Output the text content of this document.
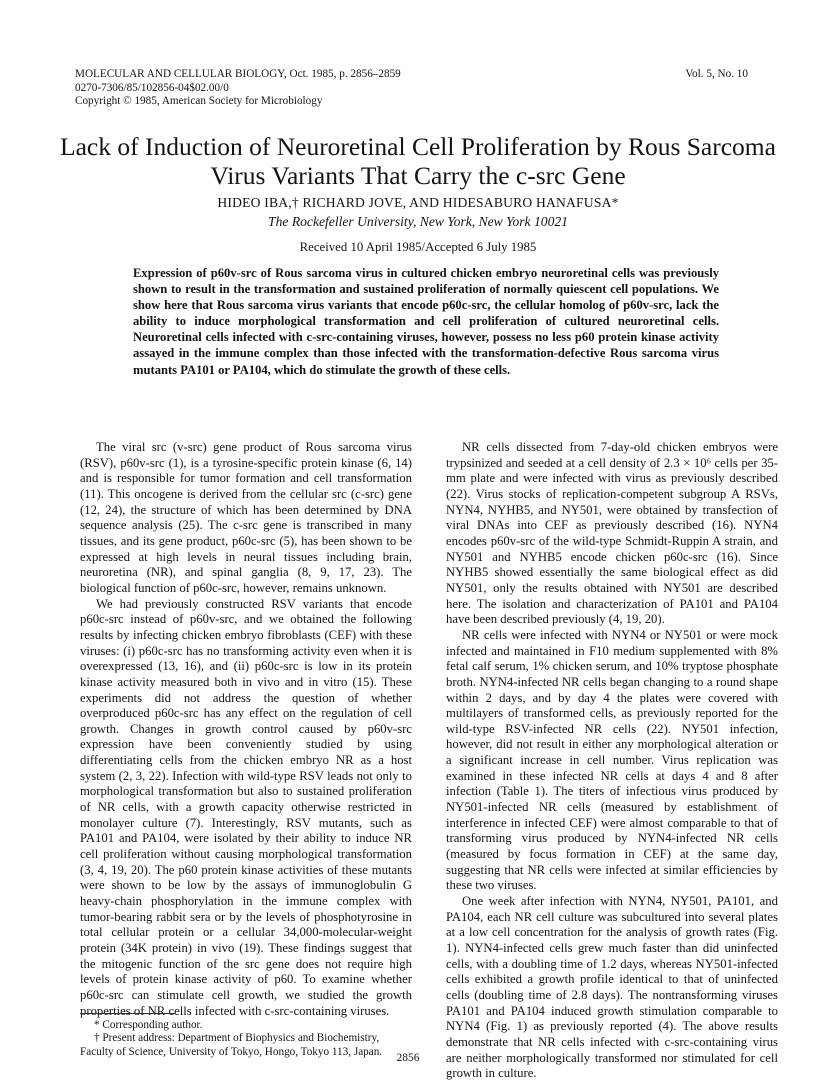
MOLECULAR AND CELLULAR BIOLOGY, Oct. 1985, p. 2856–2859
0270-7306/85/102856-04$02.00/0
Copyright © 1985, American Society for Microbiology
Vol. 5, No. 10
Lack of Induction of Neuroretinal Cell Proliferation by Rous Sarcoma Virus Variants That Carry the c-src Gene
HIDEO IBA,† RICHARD JOVE, AND HIDESABURO HANAFUSA*
The Rockefeller University, New York, New York 10021
Received 10 April 1985/Accepted 6 July 1985

Expression of p60v-src of Rous sarcoma virus in cultured chicken embryo neuroretinal cells was previously shown to result in the transformation and sustained proliferation of normally quiescent cell populations. We show here that Rous sarcoma virus variants that encode p60c-src, the cellular homolog of p60v-src, lack the ability to induce morphological transformation and cell proliferation of cultured neuroretinal cells. Neuroretinal cells infected with c-src-containing viruses, however, possess no less p60 protein kinase activity assayed in the immune complex than those infected with the transformation-defective Rous sarcoma virus mutants PA101 or PA104, which do stimulate the growth of these cells.

The viral src (v-src) gene product of Rous sarcoma virus (RSV), p60v-src (1), is a tyrosine-specific protein kinase (6, 14) and is responsible for tumor formation and cell transformation (11). This oncogene is derived from the cellular src (c-src) gene (12, 24), the structure of which has been determined by DNA sequence analysis (25). The c-src gene is transcribed in many tissues, and its gene product, p60c-src (5), has been shown to be expressed at high levels in neural tissues including brain, neuroretina (NR), and spinal ganglia (8, 9, 17, 23). The biological function of p60c-src, however, remains unknown.

We had previously constructed RSV variants that encode p60c-src instead of p60v-src, and we obtained the following results by infecting chicken embryo fibroblasts (CEF) with these viruses: (i) p60c-src has no transforming activity even when it is overexpressed (13, 16), and (ii) p60c-src is low in its protein kinase activity measured both in vivo and in vitro (15). These experiments did not address the question of whether overproduced p60c-src has any effect on the regulation of cell growth. Changes in growth control caused by p60v-src expression have been conveniently studied by using differentiating cells from the chicken embryo NR as a host system (2, 3, 22). Infection with wild-type RSV leads not only to morphological transformation but also to sustained proliferation of NR cells, with a growth capacity otherwise restricted in monolayer culture (7). Interestingly, RSV mutants, such as PA101 and PA104, were isolated by their ability to induce NR cell proliferation without causing morphological transformation (3, 4, 19, 20). The p60 protein kinase activities of these mutants were shown to be low by the assays of immunoglobulin G heavy-chain phosphorylation in the immune complex with tumor-bearing rabbit sera or by the levels of phosphotyrosine in total cellular protein or a cellular 34,000-molecular-weight protein (34K protein) in vivo (19). These findings suggest that the mitogenic function of the src gene does not require high levels of protein kinase activity of p60. To examine whether p60c-src can stimulate cell growth, we studied the growth properties of NR cells infected with c-src-containing viruses.

NR cells dissected from 7-day-old chicken embryos were trypsinized and seeded at a cell density of 2.3 × 10⁶ cells per 35-mm plate and were infected with virus as previously described (22). Virus stocks of replication-competent subgroup A RSVs, NYN4, NYHB5, and NY501, were obtained by transfection of viral DNAs into CEF as previously described (16). NYN4 encodes p60v-src of the wild-type Schmidt-Ruppin A strain, and NY501 and NYHB5 encode chicken p60c-src (16). Since NYHB5 showed essentially the same biological effect as did NY501, only the results obtained with NY501 are described here. The isolation and characterization of PA101 and PA104 have been described previously (4, 19, 20).

NR cells were infected with NYN4 or NY501 or were mock infected and maintained in F10 medium supplemented with 8% fetal calf serum, 1% chicken serum, and 10% tryptose phosphate broth. NYN4-infected NR cells began changing to a round shape within 2 days, and by day 4 the plates were covered with multilayers of transformed cells, as previously reported for the wild-type RSV-infected NR cells (22). NY501 infection, however, did not result in either any morphological alteration or a significant increase in cell number. Virus replication was examined in these infected NR cells at days 4 and 8 after infection (Table 1). The titers of infectious virus produced by NY501-infected NR cells (measured by establishment of interference in infected CEF) were almost comparable to that of transforming virus produced by NYN4-infected NR cells (measured by focus formation in CEF) at the same day, suggesting that NR cells were infected at similar efficiencies by these two viruses.

One week after infection with NYN4, NY501, PA101, and PA104, each NR cell culture was subcultured into several plates at a low cell concentration for the analysis of growth rates (Fig. 1). NYN4-infected cells grew much faster than did uninfected cells, with a doubling time of 1.2 days, whereas NY501-infected cells exhibited a growth profile identical to that of uninfected cells (doubling time of 2.8 days). The nontransforming viruses PA101 and PA104 induced growth stimulation comparable to NYN4 (Fig. 1) as previously reported (4). The above results demonstrate that NR cells infected with c-src-containing virus are neither morphologically transformed nor stimulated for cell growth in culture.

* Corresponding author.
† Present address: Department of Biophysics and Biochemistry, Faculty of Science, University of Tokyo, Hongo, Tokyo 113, Japan.
2856
